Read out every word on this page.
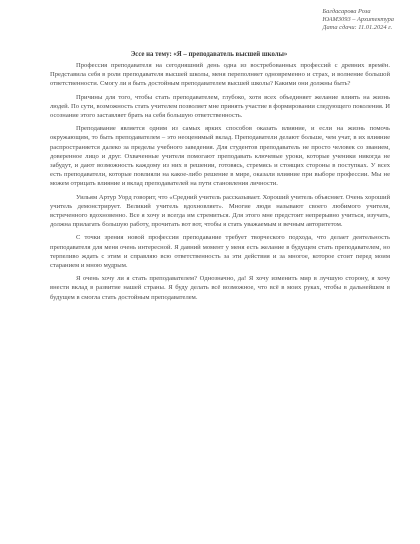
Багдасарова Роза
ЮАМ3093 – Архитектура
Дата сдачи: 11.01.2024 г.
Эссе на тему: «Я – преподаватель высшей школы»

Профессия преподавателя на сегодняшний день одна из востребованных профессий с древних времён. Представила себя в роли преподавателя высшей школы, меня переполняет одновременно и страх, и волнение большой ответственности. Смогу ли я быть достойным преподавателем высшей школы? Какими они должны быть?

Причины для того, чтобы стать преподавателем, глубоко, хотя всех объединяет желание влиять на жизнь людей. По сути, возможность стать учителем позволяет мне принять участие в формировании следующего поколения. И осознание этого заставляет брать на себя большую ответственность.

Преподавание является одним из самых ярких способов оказать влияние, и если на жизнь помочь окружающим, то быть преподавателем – это неоценимый вклад. Преподаватели делают больше, чем учат, в их влияние распространяется далеко за пределы учебного заведения. Для студентов преподаватель не просто человек со званием, доверенное лицо и друг. Охваченные учителя помогают преподавать ключевые уроки, которые ученики никогда не забудут, и дают возможность каждому из них в решении, готовясь, стремясь и стоящих стороны в поступках. У всех есть преподаватели, которые повлияли на какое-либо решение в мире, оказали влияние при выборе профессии. Мы не можем отрицать влияние и вклад преподавателей на пути становления личности.

Уильям Артур Уорд говорит, что «Средний учитель рассказывает. Хороший учитель объясняет. Очень хороший учитель демонстрирует. Великий учитель вдохновляет». Многие люди называют своего любимого учителя, встреченного вдохновенно. Все я хочу и всегда им стремиться. Для этого мне предстоит непрерывно учиться, изучать, должна прилагать большую работу, прочитать вот вот, чтобы я стать уважаемым и вечным авторитетом.

С точки зрения новой профессии преподавание требует творческого подхода, что делает деятельность преподавателя для меня очень интересной. Я давний момент у меня есть желание в будущем стать преподавателем, но терпеливо ждать с этим и справляю всю ответственность за эти действия и за многое, которое стоит перед моим старанием и мною мудрым.

Я очень хочу ли я стать преподавателем? Однозначно, да! Я хочу изменить мир в лучшую сторону, я хочу внести вклад в развитие нашей страны. Я буду делать всё возможное, что всё в моих руках, чтобы в дальнейшем в будущем в смогла стать достойным преподавателем.
